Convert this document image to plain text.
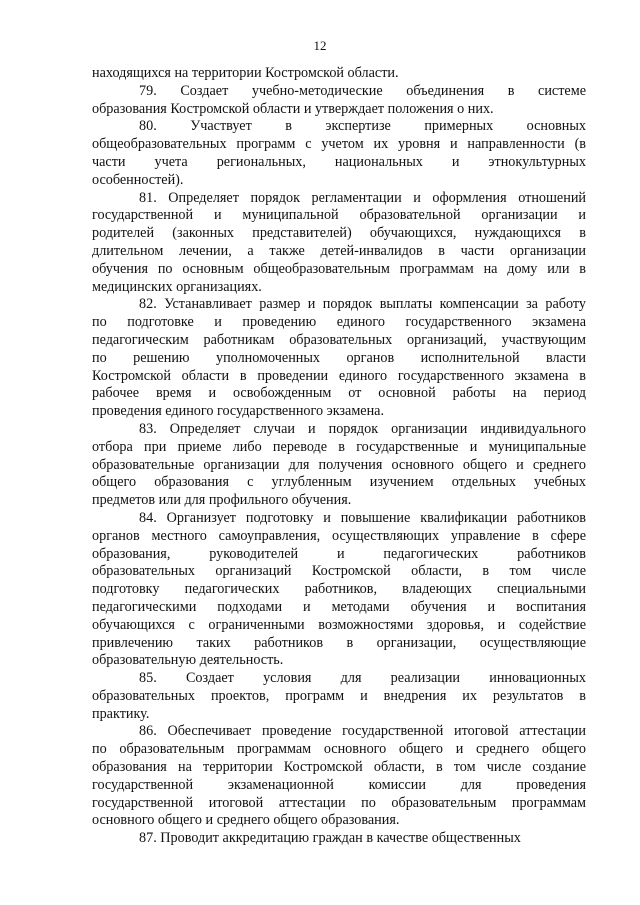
12
находящихся на территории Костромской области.
79. Создает учебно-методические объединения в системе
образования Костромской области и утверждает положения о них.
80. Участвует в экспертизе примерных основных
общеобразовательных программ с учетом их уровня и направленности (в
части учета региональных, национальных и этнокультурных
особенностей).
81. Определяет порядок регламентации и оформления отношений
государственной и муниципальной образовательной организации и
родителей (законных представителей) обучающихся, нуждающихся в
длительном лечении, а также детей-инвалидов в части организации
обучения по основным общеобразовательным программам на дому или в
медицинских организациях.
82. Устанавливает размер и порядок выплаты компенсации за работу
по подготовке и проведению единого государственного экзамена
педагогическим работникам образовательных организаций, участвующим
по решению уполномоченных органов исполнительной власти
Костромской области в проведении единого государственного экзамена в
рабочее время и освобожденным от основной работы на период
проведения единого государственного экзамена.
83. Определяет случаи и порядок организации индивидуального
отбора при приеме либо переводе в государственные и муниципальные
образовательные организации для получения основного общего и среднего
общего образования с углубленным изучением отдельных учебных
предметов или для профильного обучения.
84. Организует подготовку и повышение квалификации работников
органов местного самоуправления, осуществляющих управление в сфере
образования, руководителей и педагогических работников
образовательных организаций Костромской области, в том числе
подготовку педагогических работников, владеющих специальными
педагогическими подходами и методами обучения и воспитания
обучающихся с ограниченными возможностями здоровья, и содействие
привлечению таких работников в организации, осуществляющие
образовательную деятельность.
85. Создает условия для реализации инновационных
образовательных проектов, программ и внедрения их результатов в
практику.
86. Обеспечивает проведение государственной итоговой аттестации
по образовательным программам основного общего и среднего общего
образования на территории Костромской области, в том числе создание
государственной экзаменационной комиссии для проведения
государственной итоговой аттестации по образовательным программам
основного общего и среднего общего образования.
87. Проводит аккредитацию граждан в качестве общественных
